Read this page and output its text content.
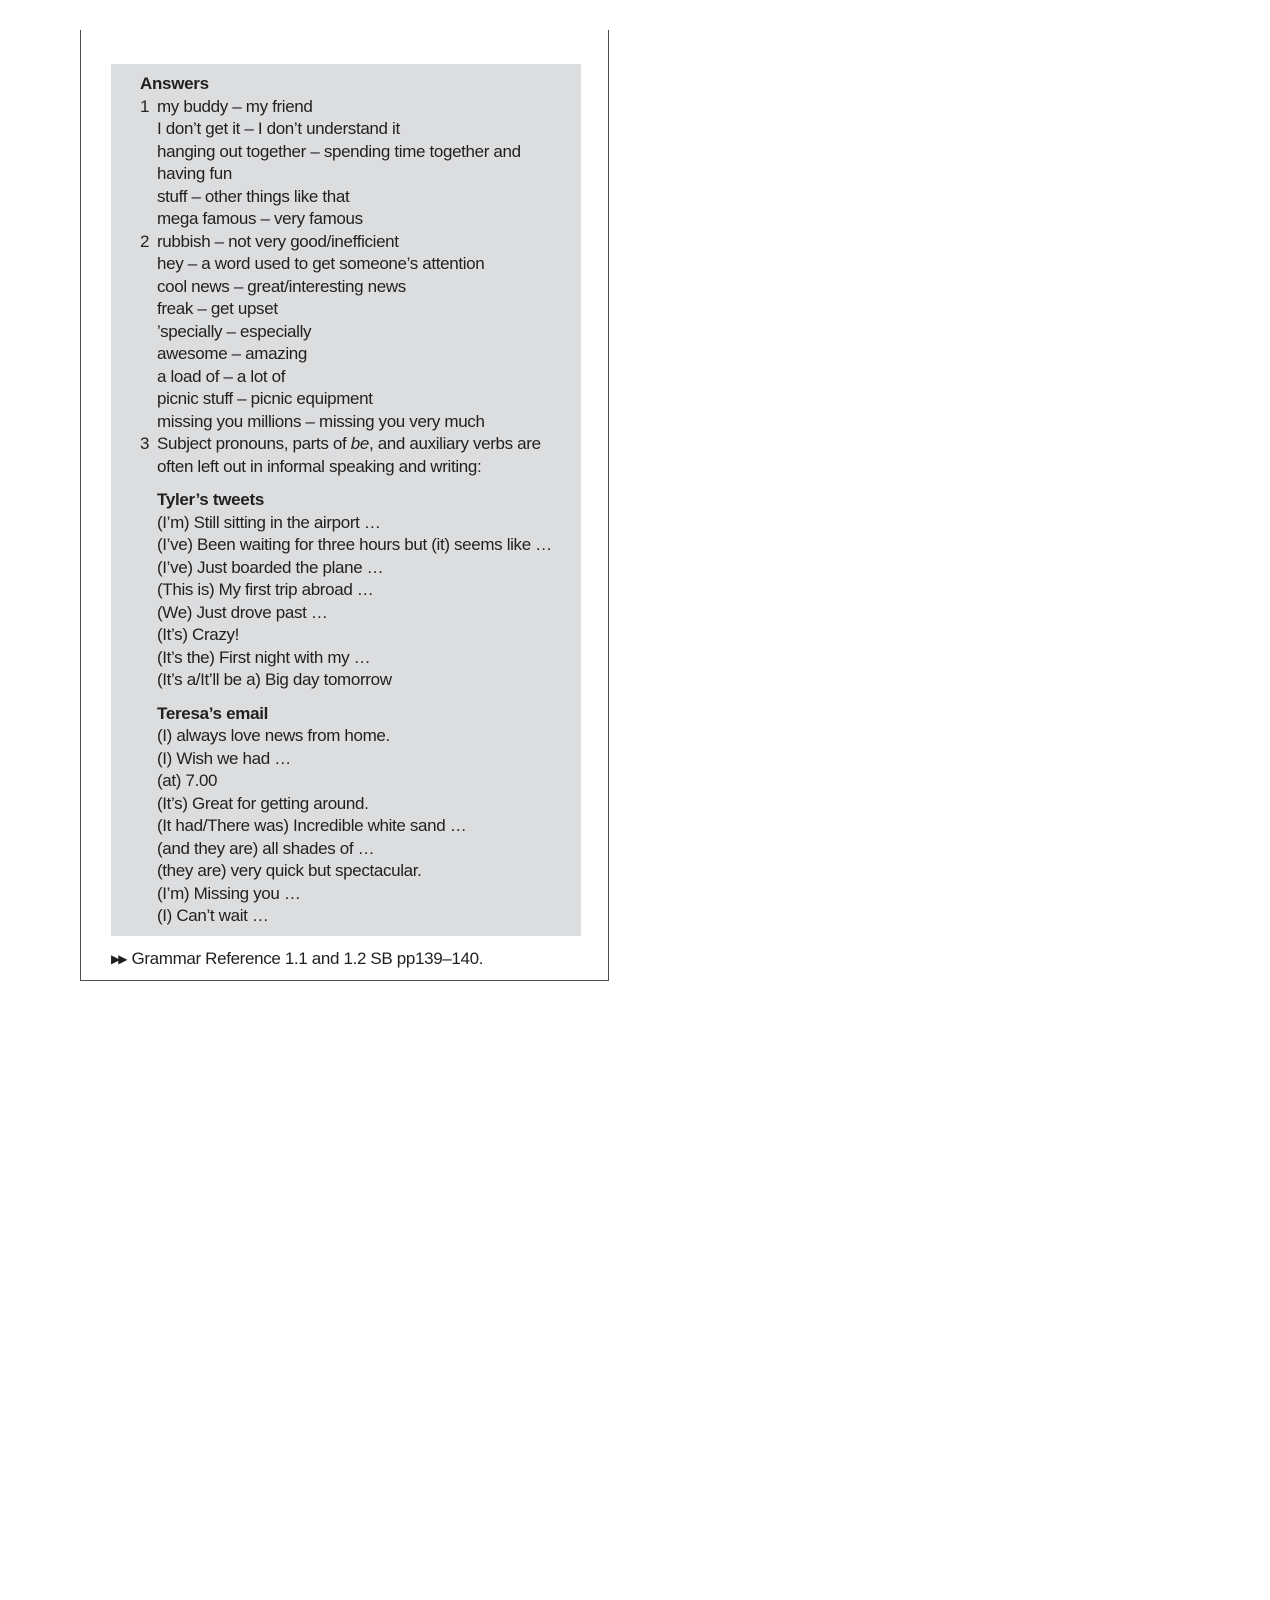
Answers
1 my buddy – my friend
I don’t get it – I don’t understand it
hanging out together – spending time together and having fun
stuff – other things like that
mega famous – very famous
2 rubbish – not very good/inefficient
hey – a word used to get someone’s attention
cool news – great/interesting news
freak – get upset
’specially – especially
awesome – amazing
a load of – a lot of
picnic stuff – picnic equipment
missing you millions – missing you very much
3 Subject pronouns, parts of be, and auxiliary verbs are often left out in informal speaking and writing:
Tyler’s tweets
(I’m) Still sitting in the airport …
(I’ve) Been waiting for three hours but (it) seems like …
(I’ve) Just boarded the plane …
(This is) My first trip abroad …
(We) Just drove past …
(It’s) Crazy!
(It’s the) First night with my …
(It’s a/It’ll be a) Big day tomorrow
Teresa’s email
(I) always love news from home.
(I) Wish we had …
(at) 7.00
(It’s) Great for getting around.
(It had/There was) Incredible white sand …
(and they are) all shades of …
(they are) very quick but spectacular.
(I’m) Missing you …
(I) Can’t wait …
▶▶ Grammar Reference 1.1 and 1.2 SB pp139–140.
